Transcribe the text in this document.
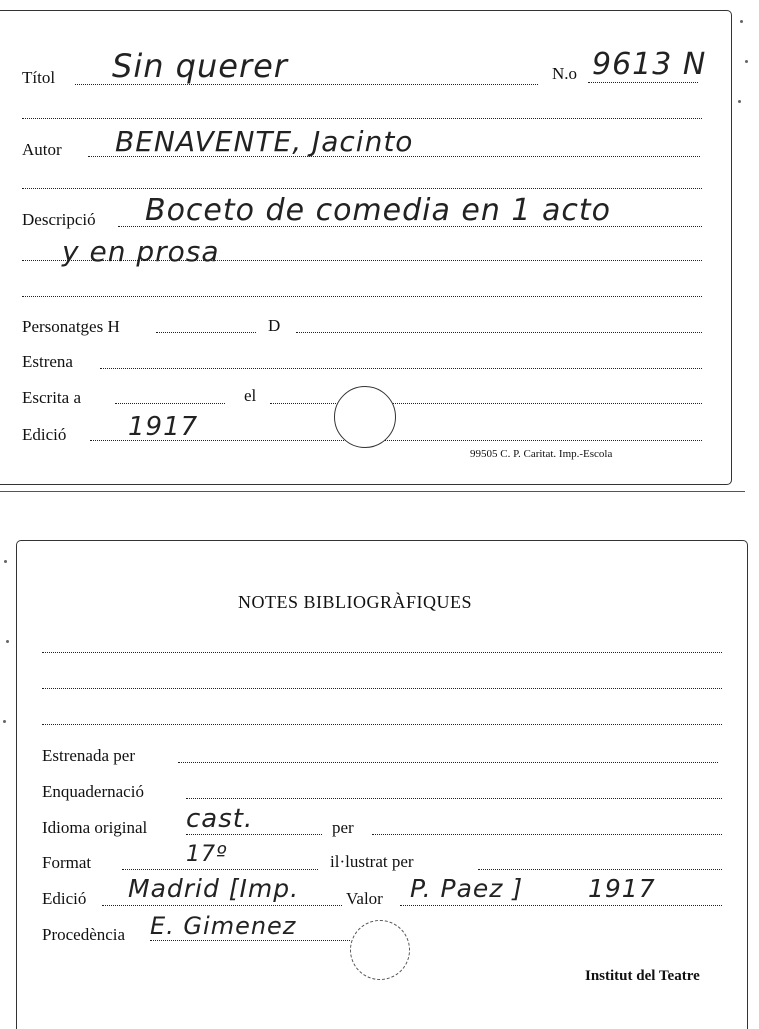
Títol Sin querer	N.o 9613 N
Autor BENAVENTE, Jacinto
Descripció Boceto de comedia en 1 acto
y en prosa
Personatges H	D
Estrena
Escrita a	el
Edició 1917
99505 C. P. Caritat. Imp.-Escola
NOTES BIBLIOGRÀFIQUES
Estrenada per
Enquadernació
Idioma original cast.	per
Format	17º	il·lustrat per
Edició Madrid [Imp.	Valor P. Paez ]	1917
Procedència E. Gimenez
Institut del Teatre
